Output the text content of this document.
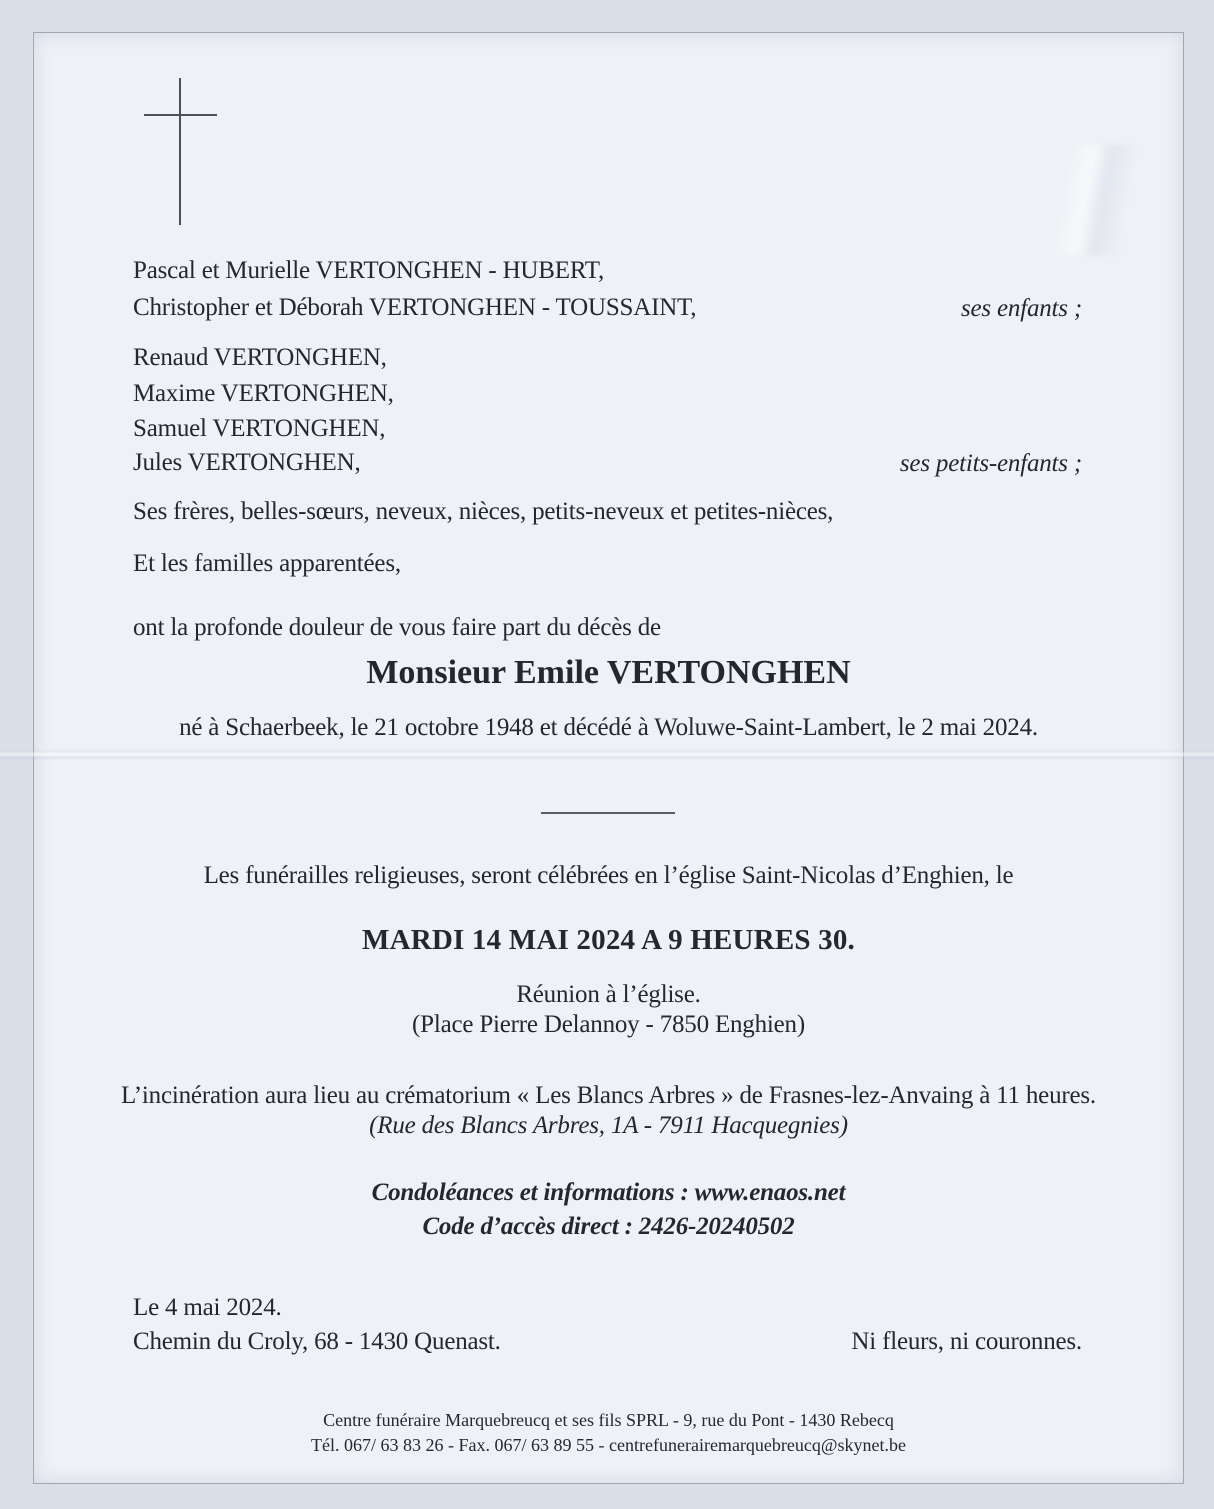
Pascal et Murielle VERTONGHEN - HUBERT,
Christopher et Déborah VERTONGHEN - TOUSSAINT,	ses enfants ;
Renaud VERTONGHEN,
Maxime VERTONGHEN,
Samuel VERTONGHEN,
Jules VERTONGHEN,	ses petits-enfants ;
Ses frères, belles-sœurs, neveux, nièces, petits-neveux et petites-nièces,
Et les familles apparentées,
ont la profonde douleur de vous faire part du décès de
Monsieur Emile VERTONGHEN
né à Schaerbeek, le 21 octobre 1948 et décédé à Woluwe-Saint-Lambert, le 2 mai 2024.
Les funérailles religieuses, seront célébrées en l’église Saint-Nicolas d’Enghien, le
MARDI 14 MAI 2024 A 9 HEURES 30.
Réunion à l’église.
(Place Pierre Delannoy - 7850 Enghien)
L’incinération aura lieu au crématorium « Les Blancs Arbres » de Frasnes-lez-Anvaing à 11 heures.
(Rue des Blancs Arbres, 1A - 7911 Hacquegnies)
Condoléances et informations : www.enaos.net
Code d’accès direct : 2426-20240502
Le 4 mai 2024.
Chemin du Croly, 68 - 1430 Quenast.	Ni fleurs, ni couronnes.
Centre funéraire Marquebreucq et ses fils SPRL - 9, rue du Pont - 1430 Rebecq
Tél. 067/ 63 83 26 - Fax. 067/ 63 89 55 - centrefunerairemarquebreucq@skynet.be
